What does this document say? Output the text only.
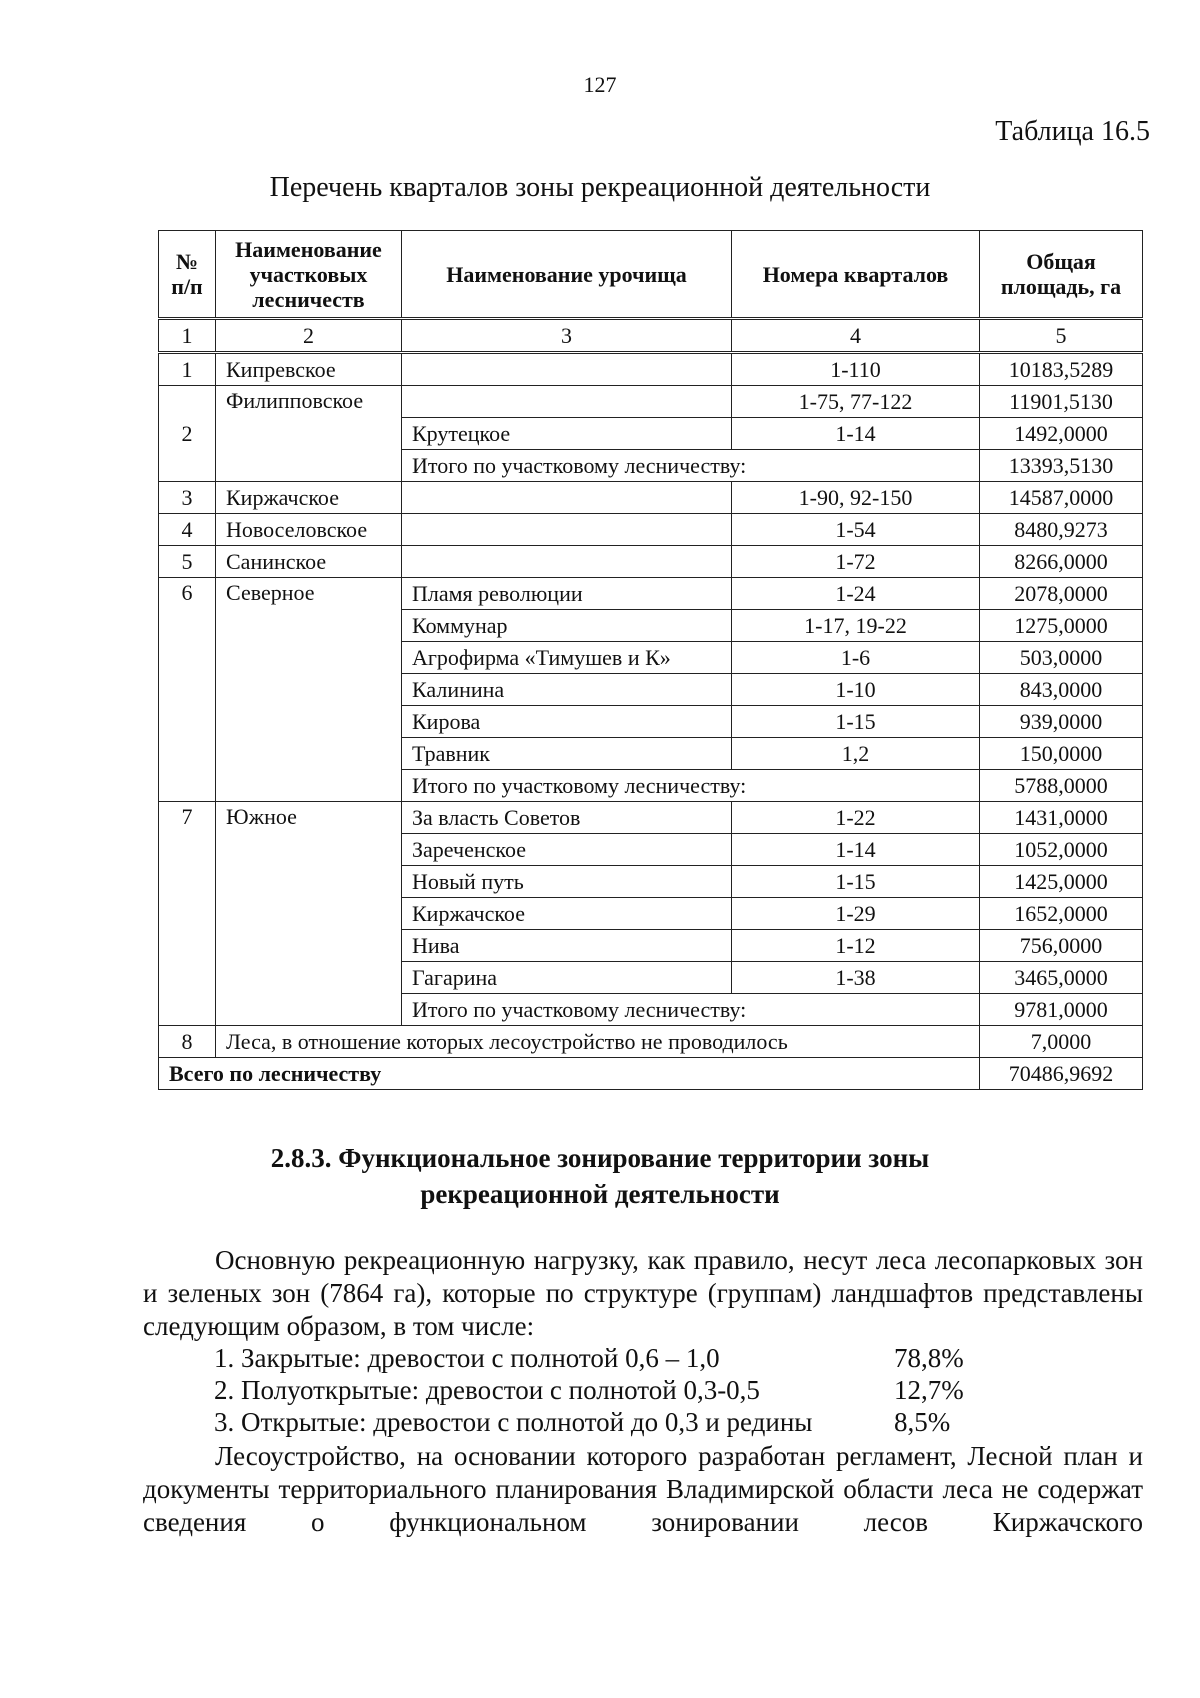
127
Таблица 16.5
Перечень кварталов зоны рекреационной деятельности
№ п/п	Наименование участковых лесничеств	Наименование урочища	Номера кварталов	Общая площадь, га
1	2	3	4	5
1	Кипревское		1-110	10183,5289
2	Филипповское		1-75, 77-122	11901,5130
		Крутецкое	1-14	1492,0000
		Итого по участковому лесничеству:		13393,5130
3	Киржачское		1-90, 92-150	14587,0000
4	Новоселовское		1-54	8480,9273
5	Санинское		1-72	8266,0000
6	Северное	Пламя революции	1-24	2078,0000
		Коммунар	1-17, 19-22	1275,0000
		Агрофирма «Тимушев и К»	1-6	503,0000
		Калинина	1-10	843,0000
		Кирова	1-15	939,0000
		Травник	1,2	150,0000
		Итого по участковому лесничеству:		5788,0000
7	Южное	За власть Советов	1-22	1431,0000
		Зареченское	1-14	1052,0000
		Новый путь	1-15	1425,0000
		Киржачское	1-29	1652,0000
		Нива	1-12	756,0000
		Гагарина	1-38	3465,0000
		Итого по участковому лесничеству:		9781,0000
8	Леса, в отношение которых лесоустройство не проводилось			7,0000
Всего по лесничеству				70486,9692
2.8.3. Функциональное зонирование территории зоны
рекреационной деятельности
Основную рекреационную нагрузку, как правило, несут леса лесопарковых зон и зеленых зон (7864 га), которые по структуре (группам) ландшафтов представлены следующим образом, в том числе:
1. Закрытые: древостои с полнотой 0,6 – 1,0	78,8%
2. Полуоткрытые: древостои с полнотой 0,3-0,5	12,7%
3. Открытые: древостои с полнотой до 0,3 и редины	8,5%
Лесоустройство, на основании которого разработан регламент, Лесной план и документы территориального планирования Владимирской области леса не содержат сведения о функциональном зонировании лесов Киржачского
